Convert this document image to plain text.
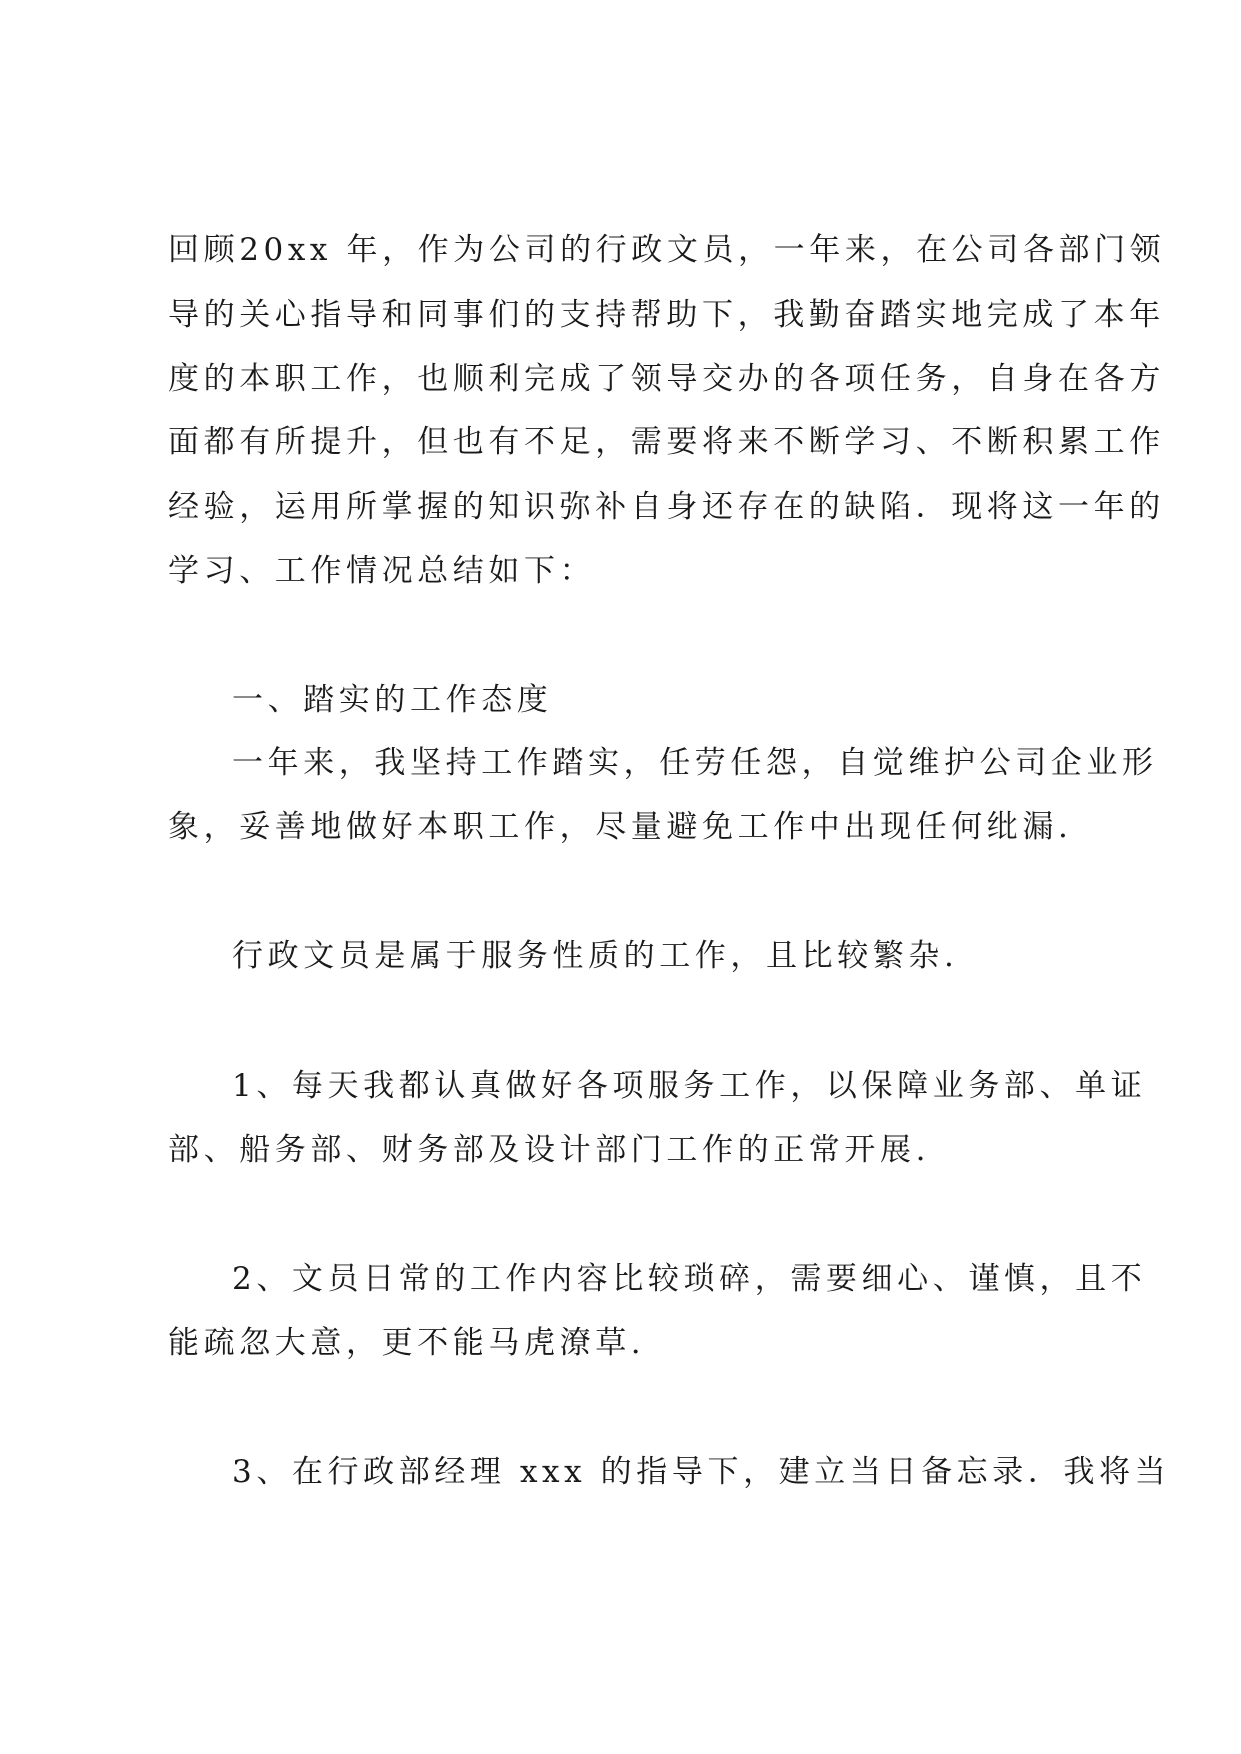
回顾20xx 年，作为公司的行政文员，一年来，在公司各部门领
导的关心指导和同事们的支持帮助下，我勤奋踏实地完成了本年
度的本职工作，也顺利完成了领导交办的各项任务，自身在各方
面都有所提升，但也有不足，需要将来不断学习、不断积累工作
经验，运用所掌握的知识弥补自身还存在的缺陷．现将这一年的
学习、工作情况总结如下：
一、踏实的工作态度
一年来，我坚持工作踏实，任劳任怨，自觉维护公司企业形
象，妥善地做好本职工作，尽量避免工作中出现任何纰漏.
行政文员是属于服务性质的工作，且比较繁杂.
1、每天我都认真做好各项服务工作，以保障业务部、单证
部、船务部、财务部及设计部门工作的正常开展.
2、文员日常的工作内容比较琐碎，需要细心、谨慎，且不
能疏忽大意，更不能马虎潦草.
3、在行政部经理 xxx 的指导下，建立当日备忘录．我将当
